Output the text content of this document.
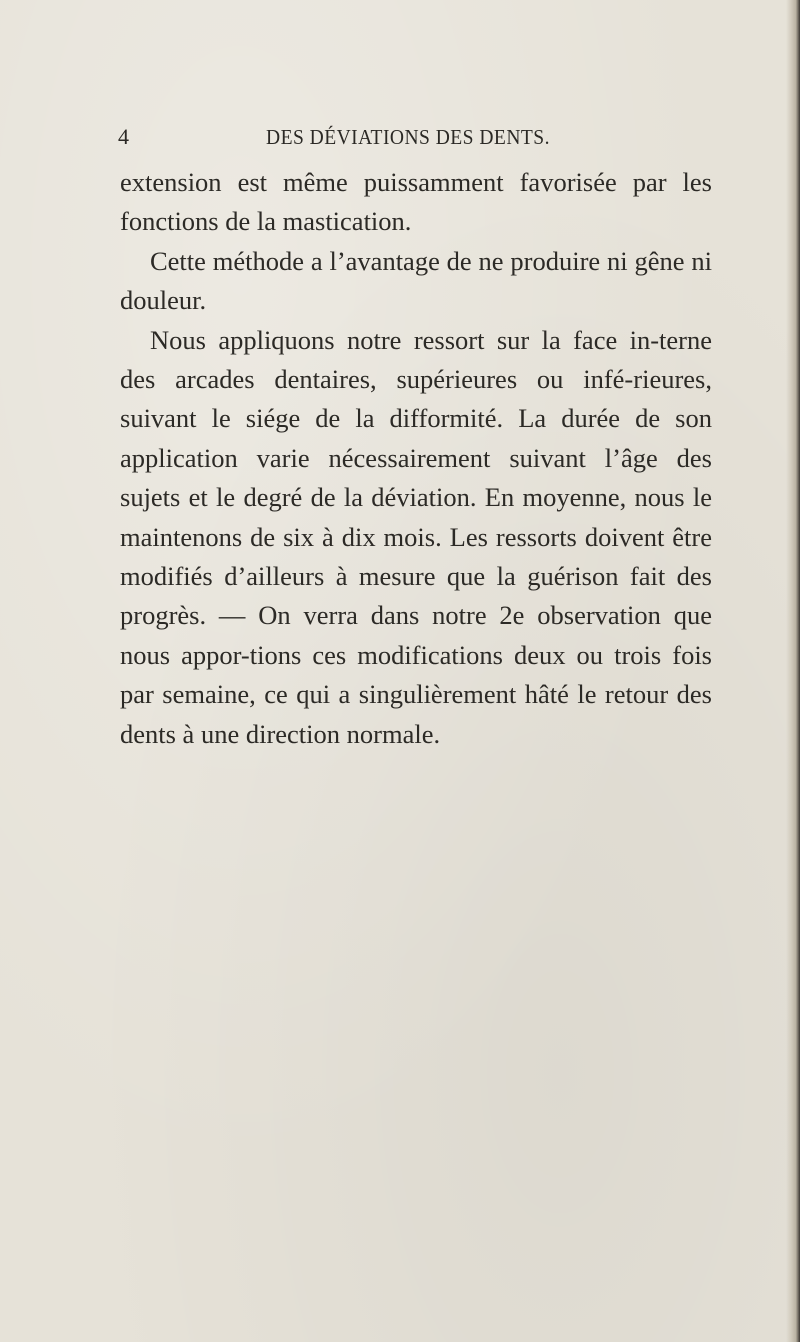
4	DES DÉVIATIONS DES DENTS.

extension est même puissamment favorisée par les fonctions de la mastication.

Cette méthode a l’avantage de ne produire ni gêne ni douleur.

Nous appliquons notre ressort sur la face in-terne des arcades dentaires, supérieures ou infé-rieures, suivant le siége de la difformité. La durée de son application varie nécessairement suivant l’âge des sujets et le degré de la déviation. En moyenne, nous le maintenons de six à dix mois. Les ressorts doivent être modifiés d’ailleurs à mesure que la guérison fait des progrès. — On verra dans notre 2e observation que nous appor-tions ces modifications deux ou trois fois par semaine, ce qui a singulièrement hâté le retour des dents à une direction normale.
